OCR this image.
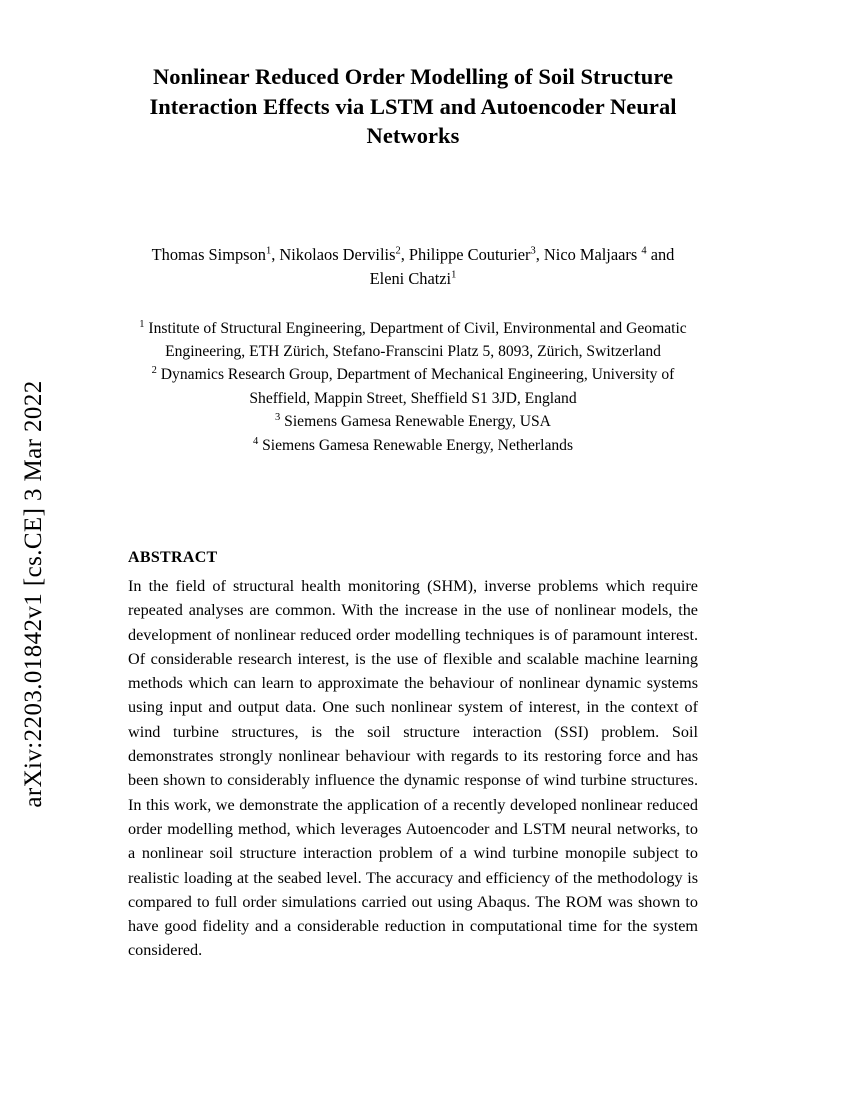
arXiv:2203.01842v1 [cs.CE] 3 Mar 2022
Nonlinear Reduced Order Modelling of Soil Structure Interaction Effects via LSTM and Autoencoder Neural Networks
Thomas Simpson$^1$, Nikolaos Dervilis$^2$, Philippe Couturier$^3$, Nico Maljaars $^4$ and
Eleni Chatzi$^1$
$^1$ Institute of Structural Engineering, Department of Civil, Environmental and Geomatic Engineering, ETH Zürich, Stefano-Franscini Platz 5, 8093, Zürich, Switzerland
$^2$ Dynamics Research Group, Department of Mechanical Engineering, University of Sheffield, Mappin Street, Sheffield S1 3JD, England
$^3$ Siemens Gamesa Renewable Energy, USA
$^4$ Siemens Gamesa Renewable Energy, Netherlands
ABSTRACT
In the field of structural health monitoring (SHM), inverse problems which require repeated analyses are common. With the increase in the use of nonlinear models, the development of nonlinear reduced order modelling techniques is of paramount interest. Of considerable research interest, is the use of flexible and scalable machine learning methods which can learn to approximate the behaviour of nonlinear dynamic systems using input and output data. One such nonlinear system of interest, in the context of wind turbine structures, is the soil structure interaction (SSI) problem. Soil demonstrates strongly nonlinear behaviour with regards to its restoring force and has been shown to considerably influence the dynamic response of wind turbine structures. In this work, we demonstrate the application of a recently developed nonlinear reduced order modelling method, which leverages Autoencoder and LSTM neural networks, to a nonlinear soil structure interaction problem of a wind turbine monopile subject to realistic loading at the seabed level. The accuracy and efficiency of the methodology is compared to full order simulations carried out using Abaqus. The ROM was shown to have good fidelity and a considerable reduction in computational time for the system considered.
